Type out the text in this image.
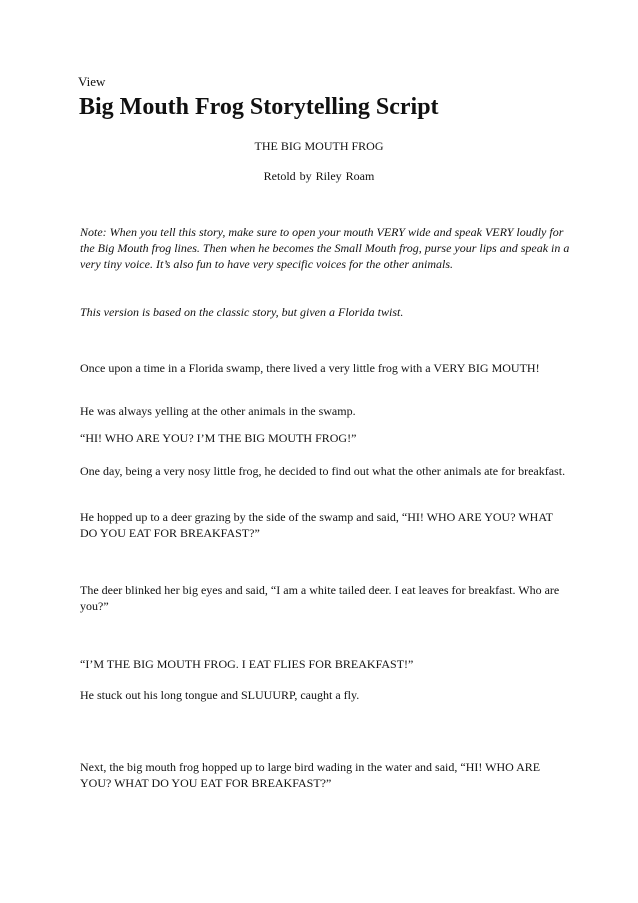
View
Big Mouth Frog Storytelling Script

THE BIG MOUTH FROG

Retold by Riley Roam

Note: When you tell this story, make sure to open your mouth VERY wide and speak VERY loudly for the Big Mouth frog lines. Then when he becomes the Small Mouth frog, purse your lips and speak in a very tiny voice. It’s also fun to have very specific voices for the other animals.

This version is based on the classic story, but given a Florida twist.

Once upon a time in a Florida swamp, there lived a very little frog with a VERY BIG MOUTH!

He was always yelling at the other animals in the swamp.

“HI! WHO ARE YOU? I’M THE BIG MOUTH FROG!”

One day, being a very nosy little frog, he decided to find out what the other animals ate for breakfast.

He hopped up to a deer grazing by the side of the swamp and said, “HI! WHO ARE YOU? WHAT DO YOU EAT FOR BREAKFAST?”

The deer blinked her big eyes and said, “I am a white tailed deer. I eat leaves for breakfast. Who are you?”

“I’M THE BIG MOUTH FROG. I EAT FLIES FOR BREAKFAST!”

He stuck out his long tongue and SLUUURP, caught a fly.

Next, the big mouth frog hopped up to large bird wading in the water and said, “HI! WHO ARE YOU? WHAT DO YOU EAT FOR BREAKFAST?”
